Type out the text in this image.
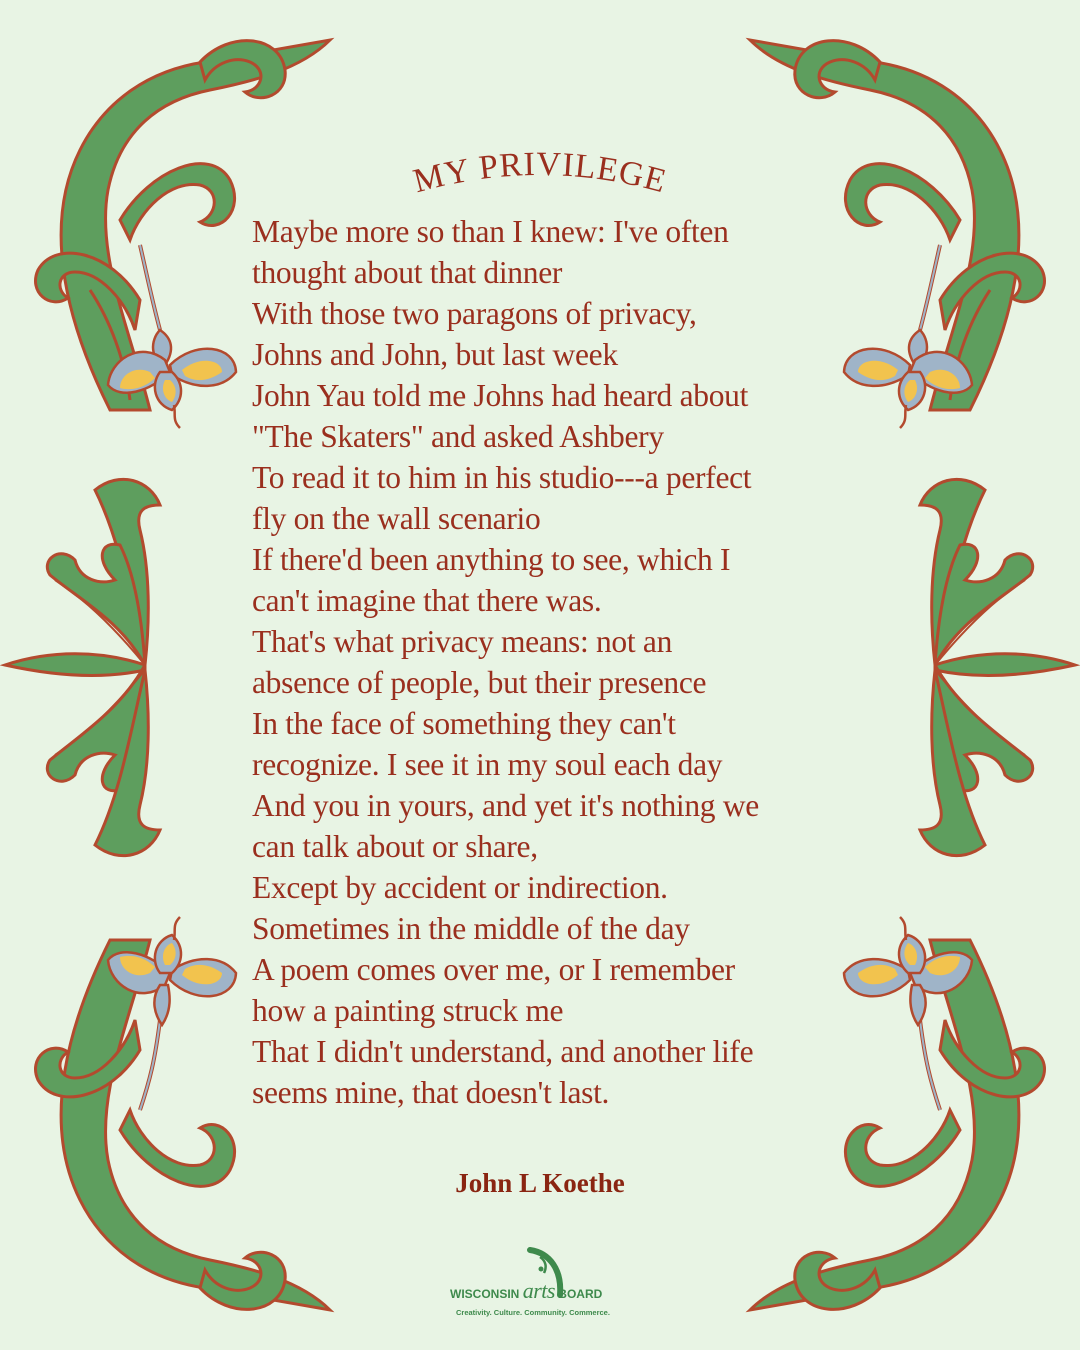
MY PRIVILEGE
Maybe more so than I knew: I've often
thought about that dinner
With those two paragons of privacy,
Johns and John, but last week
John Yau told me Johns had heard about
"The Skaters" and asked Ashbery
To read it to him in his studio---a perfect
fly on the wall scenario
If there'd been anything to see, which I
can't imagine that there was.
That's what privacy means: not an
absence of people, but their presence
In the face of something they can't
recognize. I see it in my soul each day
And you in yours, and yet it's nothing we
can talk about or share,
Except by accident or indirection.
Sometimes in the middle of the day
A poem comes over me, or I remember
how a painting struck me
That I didn't understand, and another life
seems mine, that doesn't last.
John L Koethe
WISCONSIN arts BOARD
Creativity. Culture. Community. Commerce.
